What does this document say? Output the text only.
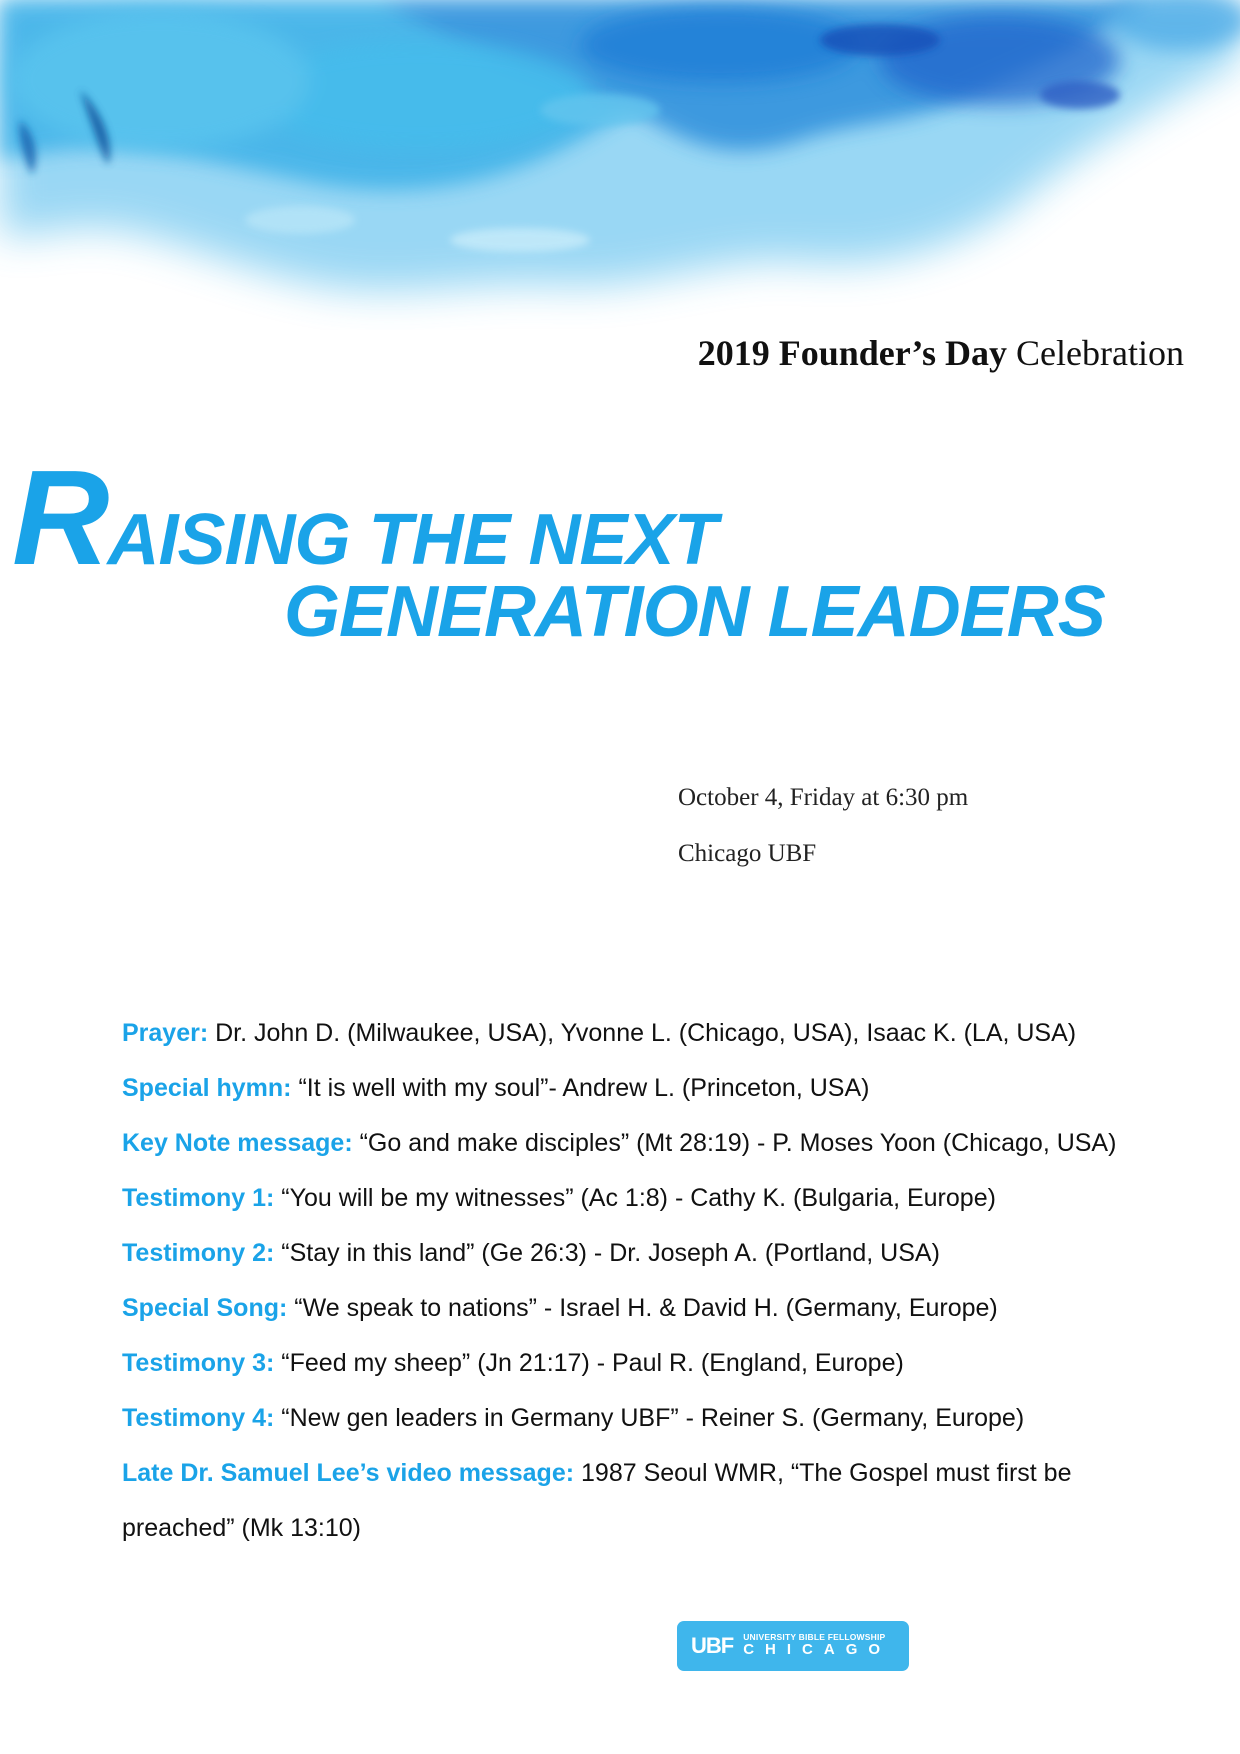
2019 Founder’s Day Celebration
RAISING THE NEXT
GENERATION LEADERS
October 4, Friday at 6:30 pm
Chicago UBF

Prayer: Dr. John D. (Milwaukee, USA), Yvonne L. (Chicago, USA), Isaac K. (LA, USA)

Special hymn: “It is well with my soul”- Andrew L. (Princeton, USA)

Key Note message: “Go and make disciples” (Mt 28:19) - P. Moses Yoon (Chicago, USA)

Testimony 1: “You will be my witnesses” (Ac 1:8) - Cathy K. (Bulgaria, Europe)

Testimony 2: “Stay in this land” (Ge 26:3) - Dr. Joseph A. (Portland, USA)

Special Song: “We speak to nations” - Israel H. & David H. (Germany, Europe)

Testimony 3: “Feed my sheep” (Jn 21:17) - Paul R. (England, Europe)

Testimony 4: “New gen leaders in Germany UBF” - Reiner S. (Germany, Europe)

Late Dr. Samuel Lee’s video message: 1987 Seoul WMR, “The Gospel must first be preached” (Mk 13:10)

UBF UNIVERSITY BIBLE FELLOWSHIP
CHICAGO
